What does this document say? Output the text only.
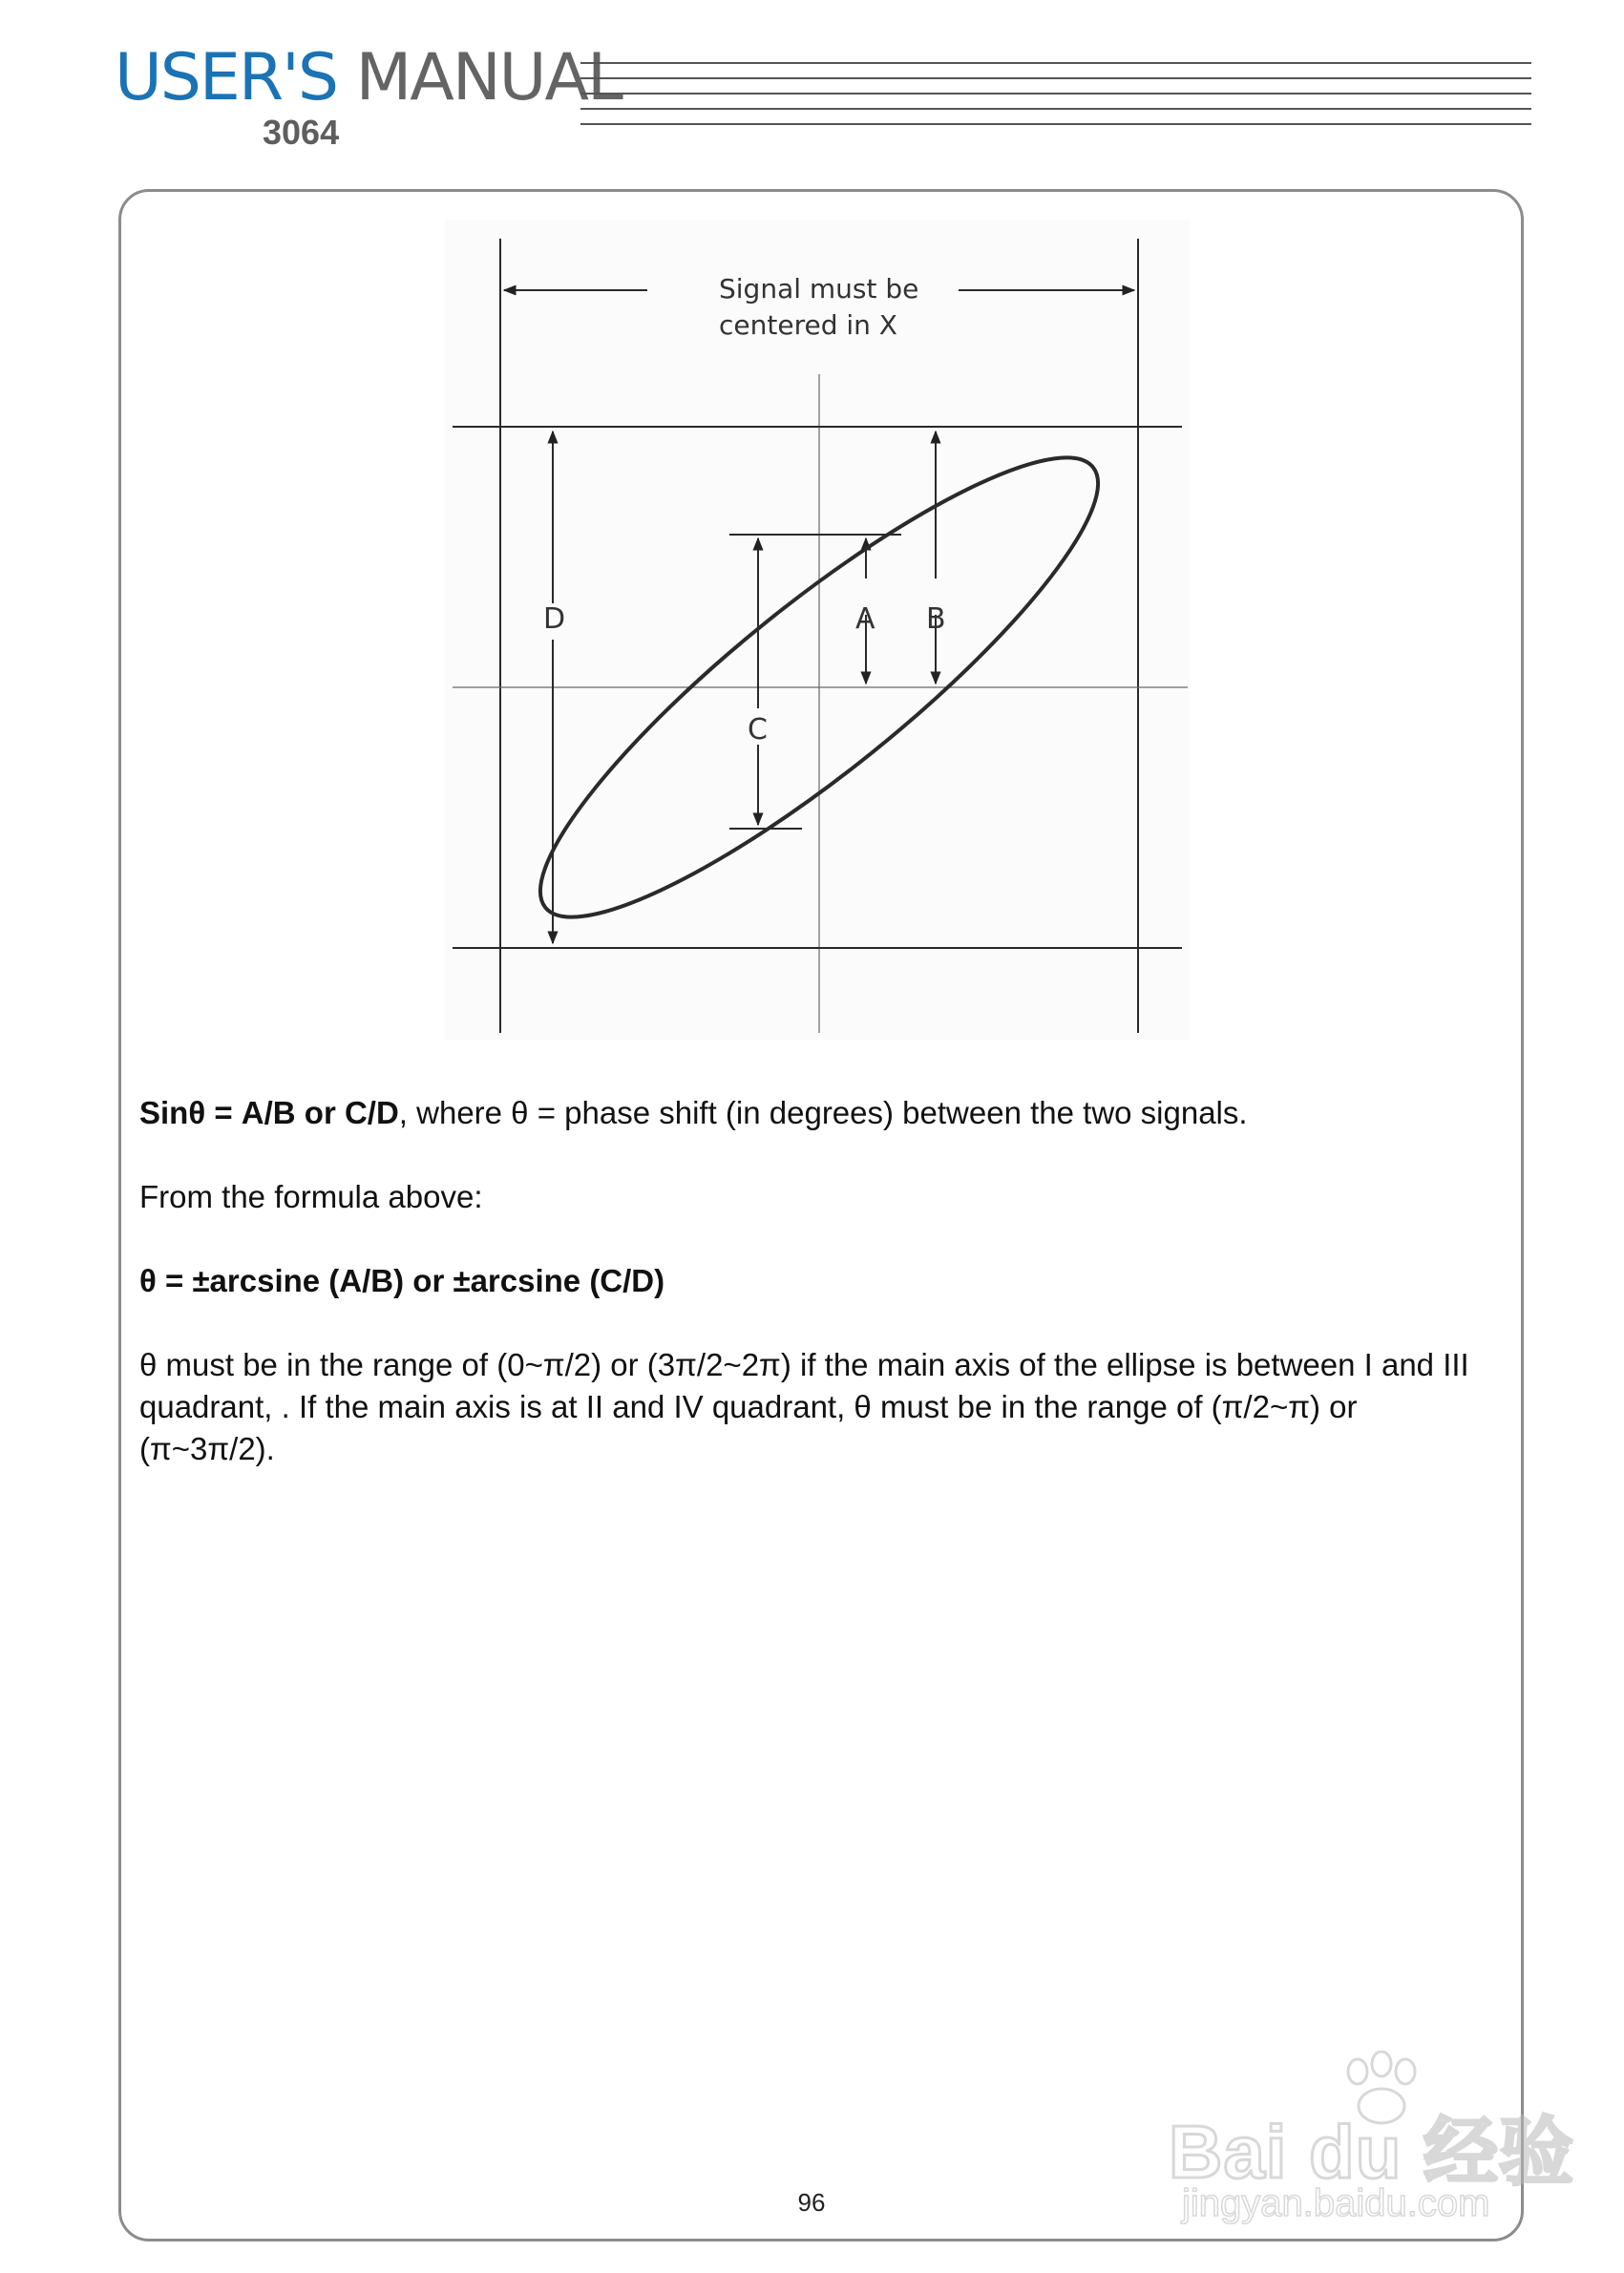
USER'S MANUAL
3064
Signal must be
centered in X
D	A B
C

Sinθ = A/B or C/D, where θ = phase shift (in degrees) between the two signals.

From the formula above:

θ = ±arcsine (A/B) or ±arcsine (C/D)

θ must be in the range of (0~π/2) or (3π/2~2π) if the main axis of the ellipse is between I and III quadrant, . If the main axis is at II and IV quadrant, θ must be in the range of (π/2~π) or (π~3π/2).

96
Bai du 经验
jingyan.baidu.com
